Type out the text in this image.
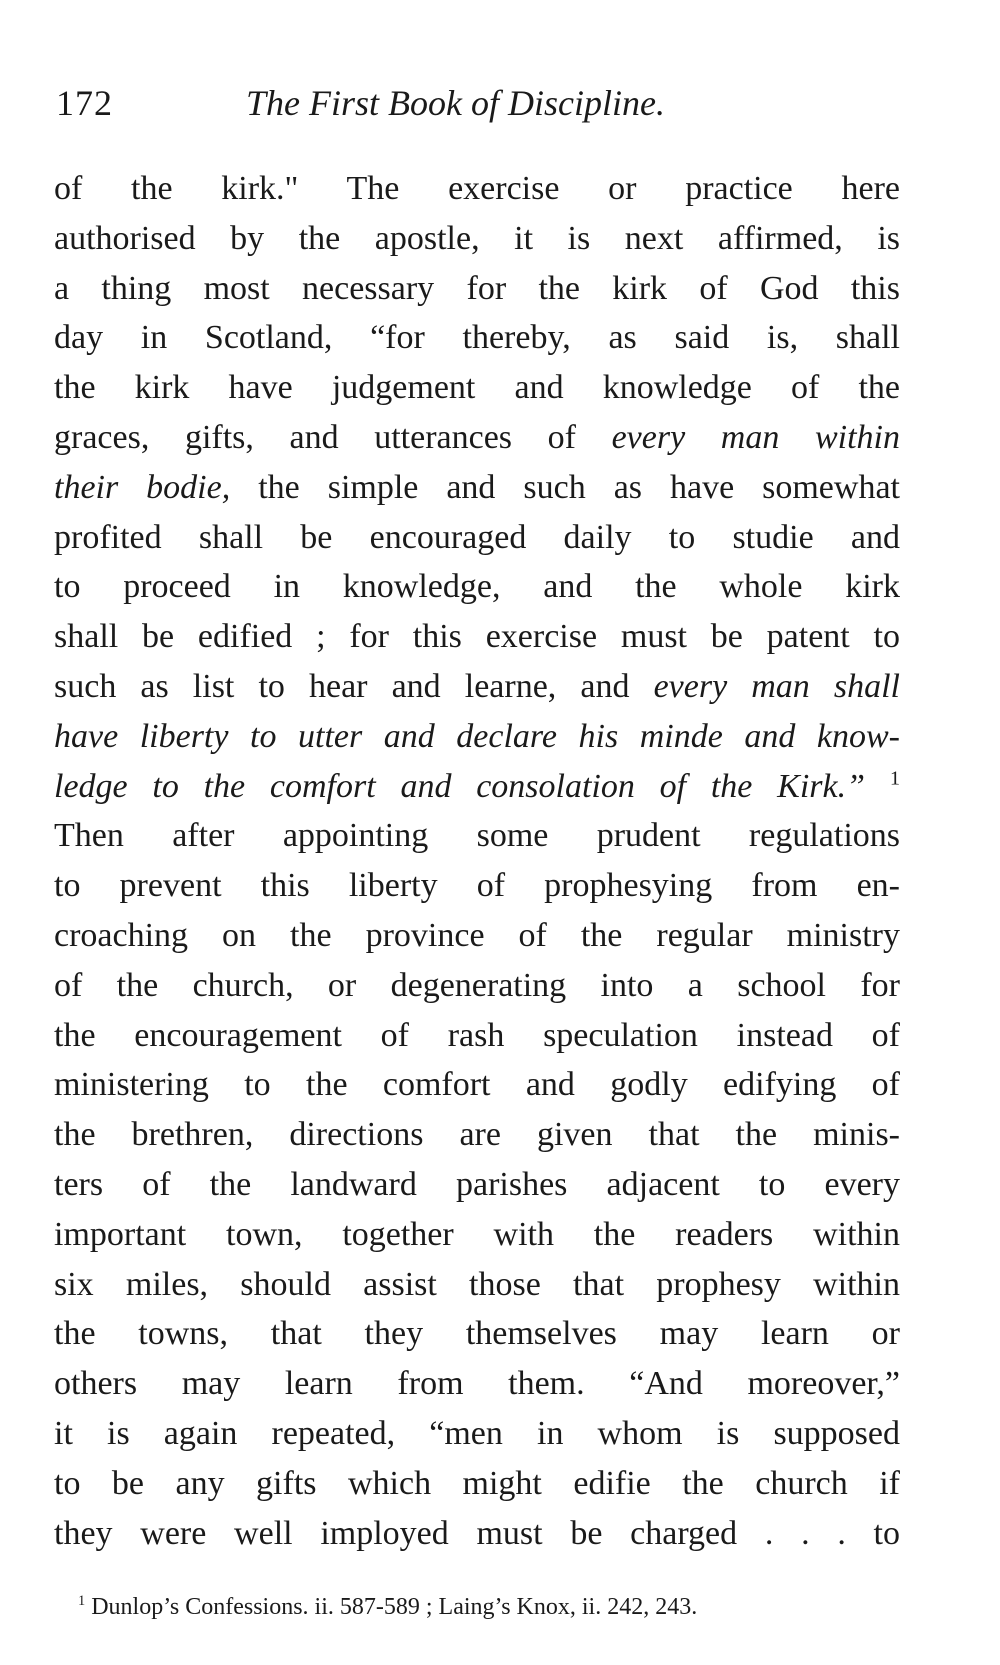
172	The First Book of Discipline.
of the kirk." The exercise or practice here
authorised by the apostle, it is next affirmed, is
a thing most necessary for the kirk of God this
day in Scotland, “for thereby, as said is, shall
the kirk have judgement and knowledge of the
graces, gifts, and utterances of every man within
their bodie, the simple and such as have somewhat
profited shall be encouraged daily to studie and
to proceed in knowledge, and the whole kirk
shall be edified ; for this exercise must be patent to
such as list to hear and learne, and every man shall
have liberty to utter and declare his minde and know-
ledge to the comfort and consolation of the Kirk.” $^1$
Then after appointing some prudent regulations
to prevent this liberty of prophesying from en-
croaching on the province of the regular ministry
of the church, or degenerating into a school for
the encouragement of rash speculation instead of
ministering to the comfort and godly edifying of
the brethren, directions are given that the minis-
ters of the landward parishes adjacent to every
important town, together with the readers within
six miles, should assist those that prophesy within
the towns, that they themselves may learn or
others may learn from them. “And moreover,”
it is again repeated, “men in whom is supposed
to be any gifts which might edifie the church if
they were well imployed must be charged . . . to
$^1$ Dunlop’s Confessions. ii. 587-589 ; Laing’s Knox, ii. 242, 243.
